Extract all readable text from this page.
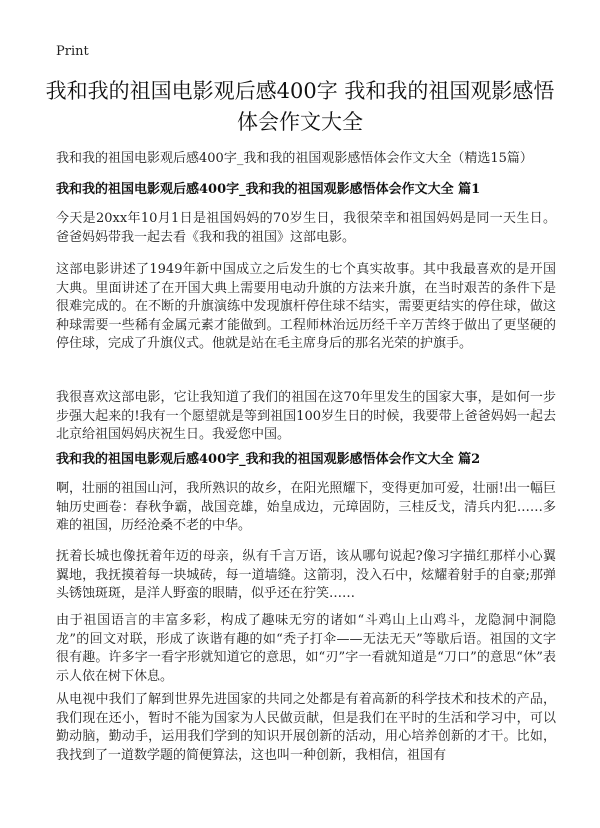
Print
我和我的祖国电影观后感400字 我和我的祖国观影感悟体会作文大全
我和我的祖国电影观后感400字_我和我的祖国观影感悟体会作文大全（精选15篇）
我和我的祖国电影观后感400字_我和我的祖国观影感悟体会作文大全 篇1
今天是20xx年10月1日是祖国妈妈的70岁生日，我很荣幸和祖国妈妈是同一天生日。爸爸妈妈带我一起去看《我和我的祖国》这部电影。
这部电影讲述了1949年新中国成立之后发生的七个真实故事。其中我最喜欢的是开国大典。里面讲述了在开国大典上需要用电动升旗的方法来升旗，在当时艰苦的条件下是很难完成的。在不断的升旗演练中发现旗杆停住球不结实，需要更结实的停住球，做这种球需要一些稀有金属元素才能做到。工程师林治远历经千辛万苦终于做出了更坚硬的停住球，完成了升旗仪式。他就是站在毛主席身后的那名光荣的护旗手。
我很喜欢这部电影，它让我知道了我们的祖国在这70年里发生的国家大事，是如何一步步强大起来的!我有一个愿望就是等到祖国100岁生日的时候，我要带上爸爸妈妈一起去北京给祖国妈妈庆祝生日。我爱您中国。
我和我的祖国电影观后感400字_我和我的祖国观影感悟体会作文大全 篇2
啊，壮丽的祖国山河，我所熟识的故乡，在阳光照耀下，变得更加可爱，壮丽!出一幅巨轴历史画卷：春秋争霸，战国竞雄，始皇成边，元璋固防，三桂反戈，清兵内犯……多难的祖国，历经沧桑不老的中华。
抚着长城也像抚着年迈的母亲，纵有千言万语，该从哪句说起?像习字描红那样小心翼翼地，我抚摸着每一块城砖，每一道墙缝。这箭羽，没入石中，炫耀着射手的自豪;那弹头锈蚀斑斑，是洋人野蛮的眼睛，似乎还在狞笑……
由于祖国语言的丰富多彩，构成了趣味无穷的诸如“斗鸡山上山鸡斗，龙隐洞中洞隐龙”的回文对联，形成了诙谐有趣的如“秃子打伞——无法无天”等歇后语。祖国的文字很有趣。许多字一看字形就知道它的意思，如“刃”字一看就知道是“刀口”的意思“休”表示人依在树下休息。
从电视中我们了解到世界先进国家的共同之处都是有着高新的科学技术和技术的产品，我们现在还小，暂时不能为国家为人民做贡献，但是我们在平时的生活和学习中，可以勤动脑，勤动手，运用我们学到的知识开展创新的活动，用心培养创新的才干。比如，我找到了一道数学题的简便算法，这也叫一种创新，我相信，祖国有
